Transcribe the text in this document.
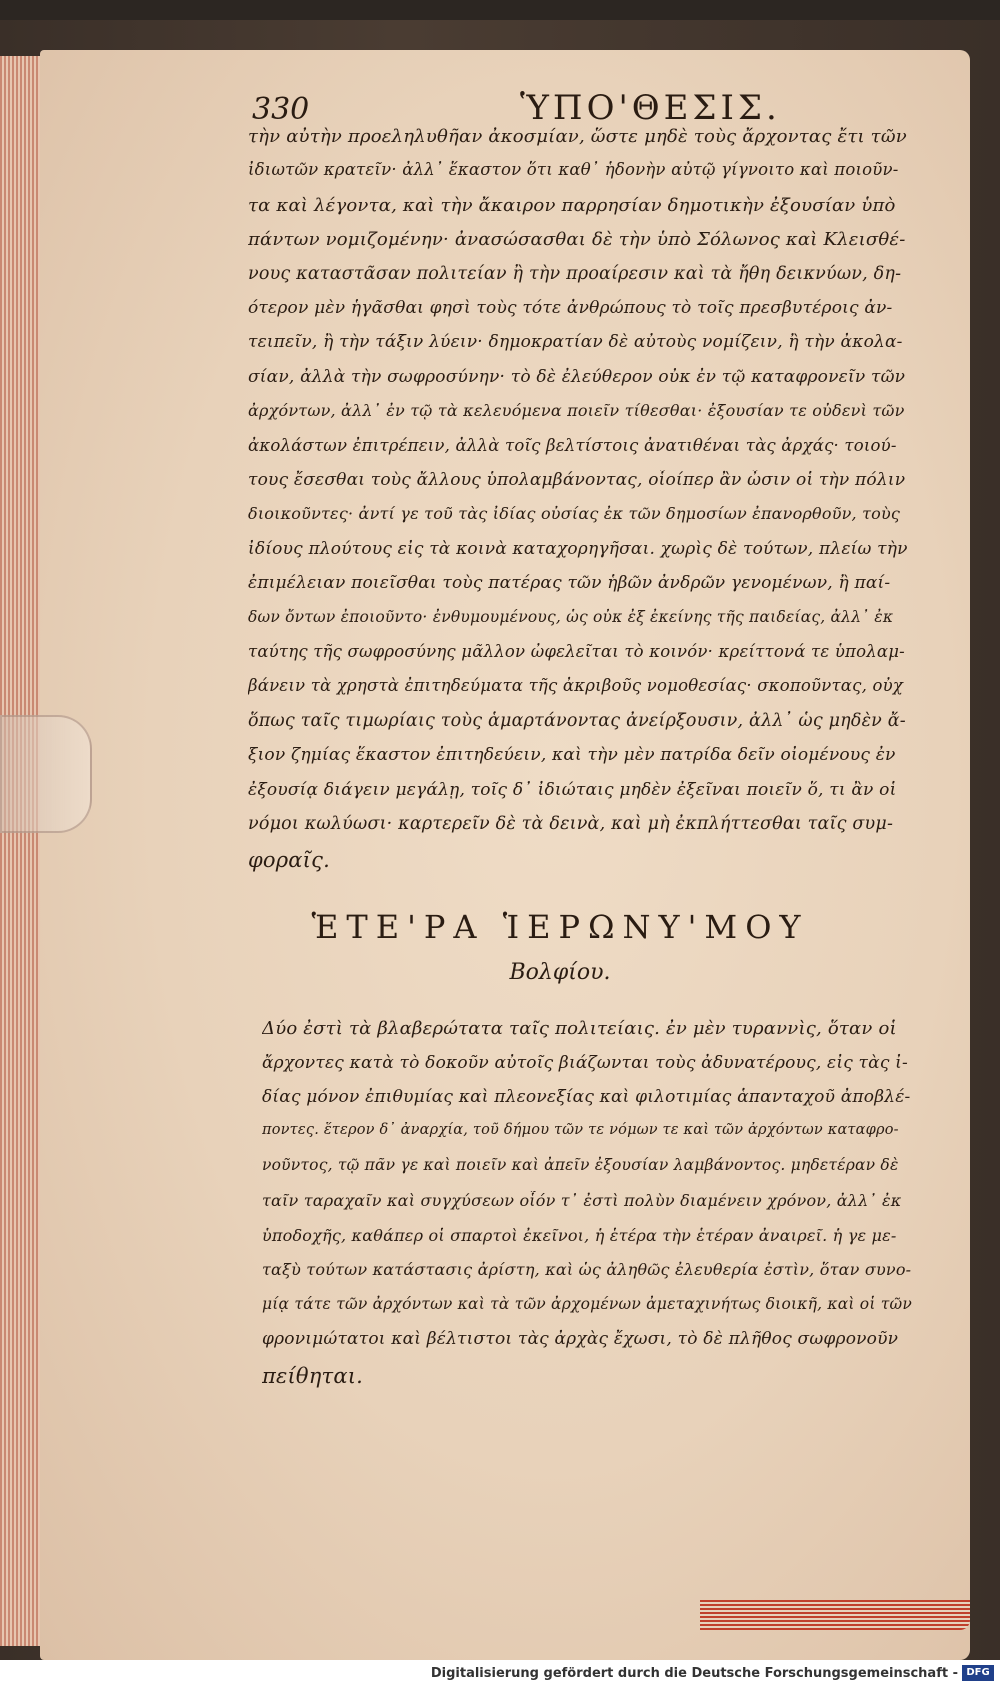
330	ὙΠΟ'ΘΕΣΙΣ.
τὴν αὐτὴν προεληλυθῆαν ἀκοσμίαν, ὥστε μηδὲ τοὺς ἄρχοντας ἔτι τῶν
ἰδιωτῶν κρατεῖν· ἀλλ᾽ ἕκαστον ὅτι καθ᾽ ἡδονὴν αὐτῷ γίγνοιτο καὶ ποιοῦν-
τα καὶ λέγοντα, καὶ τὴν ἄκαιρον παρρησίαν δημοτικὴν ἐξουσίαν ὑπὸ
πάντων νομιζομένην· ἀνασώσασθαι δὲ τὴν ὑπὸ Σόλωνος καὶ Κλεισθέ-
νους καταστᾶσαν πολιτείαν ἢ τὴν προαίρεσιν καὶ τὰ ἤθη δεικνύων, δη-
ότερον μὲν ἡγᾶσθαι φησὶ τοὺς τότε ἀνθρώπους τὸ τοῖς πρεσβυτέροις ἀν-
τειπεῖν, ἢ τὴν τάξιν λύειν· δημοκρατίαν δὲ αὐτοὺς νομίζειν, ἢ τὴν ἀκολα-
σίαν, ἀλλὰ τὴν σωφροσύνην· τὸ δὲ ἐλεύθερον οὐκ ἐν τῷ καταφρονεῖν τῶν
ἀρχόντων, ἀλλ᾽ ἐν τῷ τὰ κελευόμενα ποιεῖν τίθεσθαι· ἐξουσίαν τε οὐδενὶ τῶν
ἀκολάστων ἐπιτρέπειν, ἀλλὰ τοῖς βελτίστοις ἀνατιθέναι τὰς ἀρχάς· τοιού-
τους ἔσεσθαι τοὺς ἄλλους ὑπολαμβάνοντας, οἷοίπερ ἂν ὦσιν οἱ τὴν πόλιν
διοικοῦντες· ἀντί γε τοῦ τὰς ἰδίας οὐσίας ἐκ τῶν δημοσίων ἐπανορθοῦν, τοὺς
ἰδίους πλούτους εἰς τὰ κοινὰ καταχορηγῆσαι. χωρὶς δὲ τούτων, πλείω τὴν
ἐπιμέλειαν ποιεῖσθαι τοὺς πατέρας τῶν ἡβῶν ἀνδρῶν γενομένων, ἢ παί-
δων ὄντων ἐποιοῦντο· ἐνθυμουμένους, ὡς οὐκ ἐξ ἐκείνης τῆς παιδείας, ἀλλ᾽ ἐκ
ταύτης τῆς σωφροσύνης μᾶλλον ὠφελεῖται τὸ κοινόν· κρείττονά τε ὑπολαμ-
βάνειν τὰ χρηστὰ ἐπιτηδεύματα τῆς ἀκριβοῦς νομοθεσίας· σκοποῦντας, οὐχ
ὅπως ταῖς τιμωρίαις τοὺς ἁμαρτάνοντας ἀνείρξουσιν, ἀλλ᾽ ὡς μηδὲν ἄ-
ξιον ζημίας ἕκαστον ἐπιτηδεύειν, καὶ τὴν μὲν πατρίδα δεῖν οἰομένους ἐν
ἐξουσίᾳ διάγειν μεγάλῃ, τοῖς δ᾽ ἰδιώταις μηδὲν ἐξεῖναι ποιεῖν ὅ, τι ἂν οἱ
νόμοι κωλύωσι· καρτερεῖν δὲ τὰ δεινὰ, καὶ μὴ ἐκπλήττεσθαι ταῖς συμ-
φοραῖς.
ἙΤΕ'ΡΑ ἹΕΡΩΝΥ'ΜΟΥ
Βολφίου.
Δύο ἐστὶ τὰ βλαβερώτατα ταῖς πολιτείαις. ἐν μὲν τυραννὶς, ὅταν οἱ
ἄρχοντες κατὰ τὸ δοκοῦν αὐτοῖς βιάζωνται τοὺς ἀδυνατέρους, εἰς τὰς ἰ-
δίας μόνον ἐπιθυμίας καὶ πλεονεξίας καὶ φιλοτιμίας ἁπανταχοῦ ἀποβλέ-
ποντες. ἕτερον δ᾽ ἀναρχία, τοῦ δήμου τῶν τε νόμων τε καὶ τῶν ἀρχόντων καταφρο-
νοῦντος, τῷ πᾶν γε καὶ ποιεῖν καὶ ἀπεῖν ἐξουσίαν λαμβάνοντος. μηδετέραν δὲ
ταῖν ταραχαῖν καὶ συγχύσεων οἷόν τ᾽ ἐστὶ πολὺν διαμένειν χρόνον, ἀλλ᾽ ἐκ
ὑποδοχῆς, καθάπερ οἱ σπαρτοὶ ἐκεῖνοι, ἡ ἑτέρα τὴν ἑτέραν ἀναιρεῖ. ἡ γε με-
ταξὺ τούτων κατάστασις ἀρίστη, καὶ ὡς ἀληθῶς ἐλευθερία ἐστὶν, ὅταν συνο-
μίᾳ τάτε τῶν ἀρχόντων καὶ τὰ τῶν ἀρχομένων ἀμεταχινήτως διοικῆ, καὶ οἱ τῶν
φρονιμώτατοι καὶ βέλτιστοι τὰς ἀρχὰς ἔχωσι, τὸ δὲ πλῆθος σωφρονοῦν
πείθηται.
Digitalisierung gefördert durch die Deutsche Forschungsgemeinschaft - DFG
